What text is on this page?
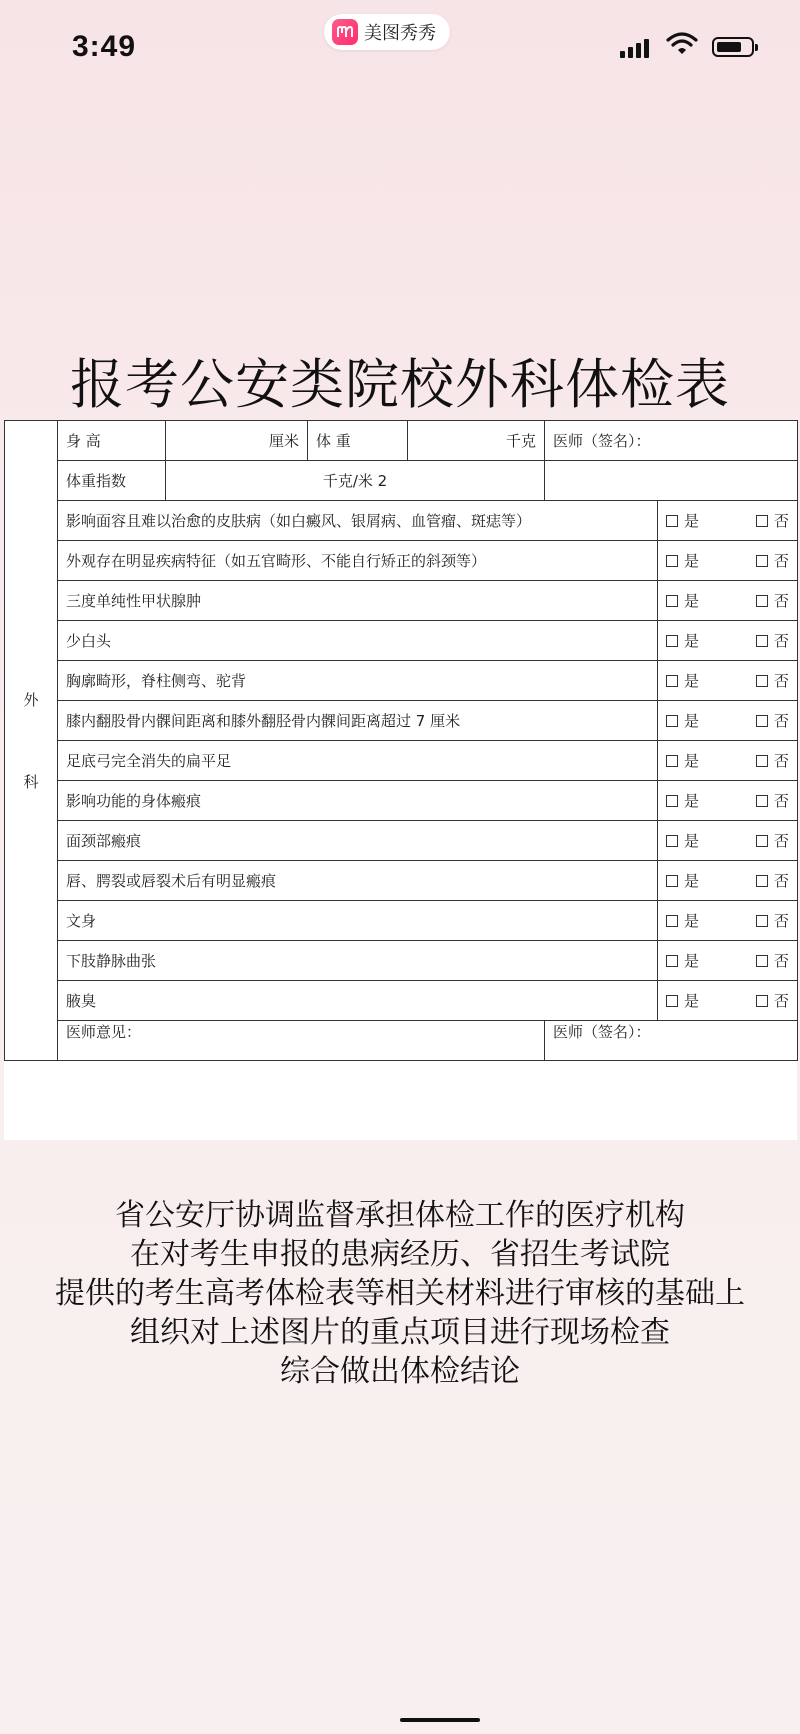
3:49	美图秀秀
报考公安类院校外科体检表
外
科	身 高	厘米	体 重	千克	医师（签名）：	
	体重指数	千克/米 2				
	影响面容且难以治愈的皮肤病（如白癜风、银屑病、血管瘤、斑痣等）					是 否

	外观存在明显疾病特征（如五官畸形、不能自行矫正的斜颈等）					是 否

	三度单纯性甲状腺肿					是 否

	少白头					是 否

	胸廓畸形，脊柱侧弯、驼背					是 否

	膝内翻股骨内髁间距离和膝外翻胫骨内髁间距离超过 7 厘米					是 否

	足底弓完全消失的扁平足					是 否

	影响功能的身体瘢痕					是 否

	面颈部瘢痕					是 否

	唇、腭裂或唇裂术后有明显瘢痕					是 否

	文身					是 否

	下肢静脉曲张					是 否

	腋臭					是 否

	医师意见：				医师（签名）：	
省公安厅协调监督承担体检工作的医疗机构
在对考生申报的患病经历、省招生考试院
提供的考生高考体检表等相关材料进行审核的基础上
组织对上述图片的重点项目进行现场检查
综合做出体检结论
